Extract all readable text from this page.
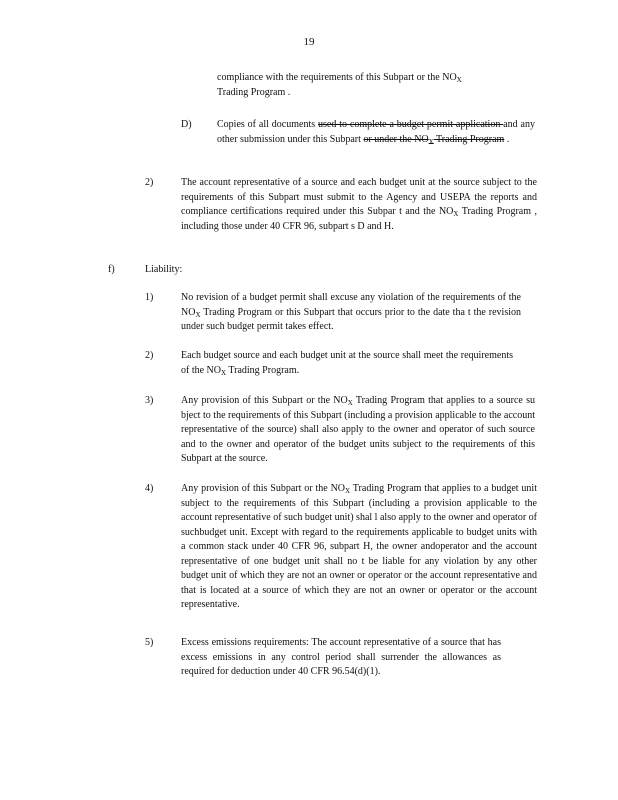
19
compliance with the requirements of this Subpart or the $NO_X$
Trading Program .
D)	Copies of all documents used to complete a budget permit application and any other submission under this Subpart or under the $NO_X$ Trading Program .
2)	The account representative of a source and each budget unit at the source subject to the requirements of this Subpart must submit to the Agency and USEPA the reports and compliance certifications required under this Subpar t and the $NO_X$ Trading Program , including those under 40 CFR 96, subpart s D and H.
f)	Liability:
1)	No revision of a budget permit shall excuse any violation of the requirements of the $NO_X$ Trading Program or this Subpart that occurs prior to the date tha t the revision under such budget permit takes effect.
2)	Each budget source and each budget unit at the source shall meet the requirements of the $NO_X$ Trading Program.
3)	Any provision of this Subpart or the $NO_X$ Trading Program that applies to a source su bject to the requirements of this Subpart (including a provision applicable to the account representative of the source) shall also apply to the owner and operator of such source and to the owner and operator of the budget units subject to the requirements of this Subpart at the source.
4)	Any provision of this Subpart or the $NO_X$ Trading Program that applies to a budget unit subject to the requirements of this Subpart (including a provision applicable to the account representative of such budget unit) shal l also apply to the owner and operator of suchbudget unit. Except with regard to the requirements applicable to budget units with a common stack under 40 CFR 96, subpart H, the owner andoperator and the account representative of one budget unit shall no t be liable for any violation by any other budget unit of which they are not an owner or operator or the account representative and that is located at a source of which they are not an owner or operator or the account representative.
5)	Excess emissions requirements: The account representative of a source that has excess emissions in any control period shall surrender the allowances as required for deduction under 40 CFR 96.54(d)(1).
